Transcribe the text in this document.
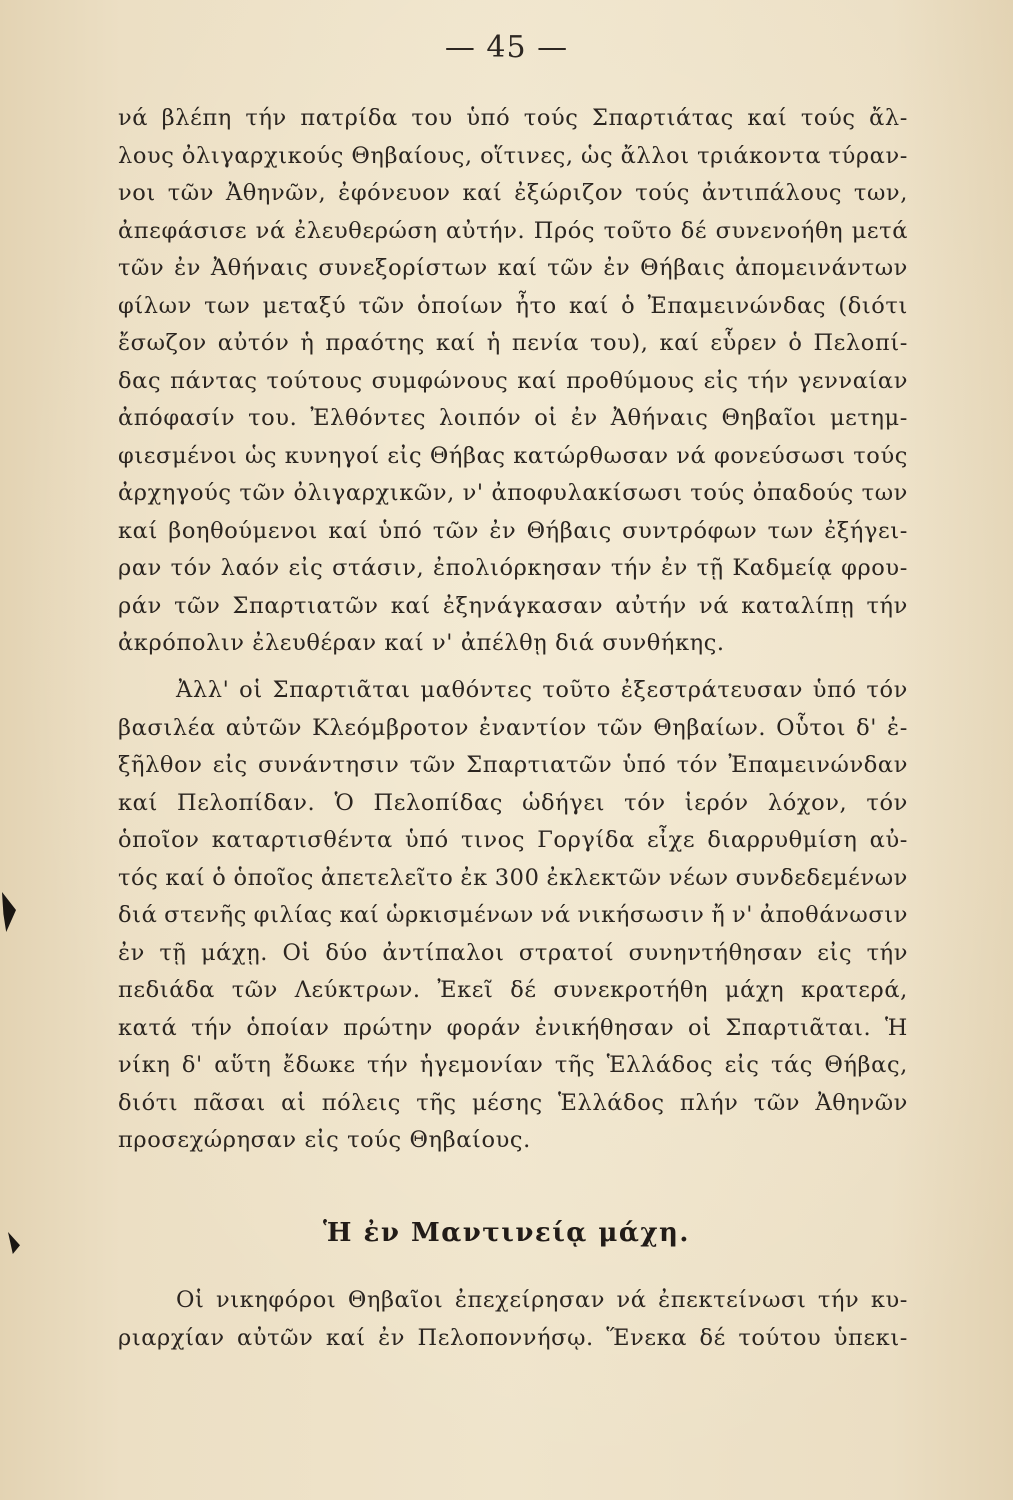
— 45 —
νά βλέπη τήν πατρίδα του ὑπό τούς Σπαρτιάτας καί τούς ἄλ-
λους ὀλιγαρχικούς Θηβαίους, οἵτινες, ὡς ἄλλοι τριάκοντα τύραν-
νοι τῶν Ἀθηνῶν, ἐφόνευον καί ἐξώριζον τούς ἀντιπάλους των,
ἀπεφάσισε νά ἐλευθερώση αὐτήν. Πρός τοῦτο δέ συνενοήθη μετά
τῶν ἐν Ἀθήναις συνεξορίστων καί τῶν ἐν Θήβαις ἀπομεινάντων
φίλων των μεταξύ τῶν ὁποίων ἦτο καί ὁ Ἐπαμεινώνδας (διότι
ἔσωζον αὐτόν ἡ πραότης καί ἡ πενία του), καί εὗρεν ὁ Πελοπί-
δας πάντας τούτους συμφώνους καί προθύμους εἰς τήν γενναίαν
ἀπόφασίν του. Ἐλθόντες λοιπόν οἱ ἐν Ἀθήναις Θηβαῖοι μετημ-
φιεσμένοι ὡς κυνηγοί εἰς Θήβας κατώρθωσαν νά φονεύσωσι τούς
ἀρχηγούς τῶν ὀλιγαρχικῶν, ν' ἀποφυλακίσωσι τούς ὀπαδούς των
καί βοηθούμενοι καί ὑπό τῶν ἐν Θήβαις συντρόφων των ἐξήγει-
ραν τόν λαόν εἰς στάσιν, ἐπολιόρκησαν τήν ἐν τῇ Καδμείᾳ φρου-
ράν τῶν Σπαρτιατῶν καί ἐξηνάγκασαν αὐτήν νά καταλίπῃ τήν
ἀκρόπολιν ἐλευθέραν καί ν' ἀπέλθῃ διά συνθήκης.
Ἀλλ' οἱ Σπαρτιᾶται μαθόντες τοῦτο ἐξεστράτευσαν ὑπό τόν
βασιλέα αὐτῶν Κλεόμβροτον ἐναντίον τῶν Θηβαίων. Οὗτοι δ' ἐ-
ξῆλθον εἰς συνάντησιν τῶν Σπαρτιατῶν ὑπό τόν Ἐπαμεινώνδαν
καί Πελοπίδαν. Ὁ Πελοπίδας ὡδήγει τόν ἱερόν λόχον, τόν
ὁποῖον καταρτισθέντα ὑπό τινος Γοργίδα εἶχε διαρρυθμίση αὐ-
τός καί ὁ ὁποῖος ἀπετελεῖτο ἐκ 300 ἐκλεκτῶν νέων συνδεδεμένων
διά στενῆς φιλίας καί ὡρκισμένων νά νικήσωσιν ἤ ν' ἀποθάνωσιν
ἐν τῇ μάχῃ. Οἱ δύο ἀντίπαλοι στρατοί συνηντήθησαν εἰς τήν
πεδιάδα τῶν Λεύκτρων. Ἐκεῖ δέ συνεκροτήθη μάχη κρατερά,
κατά τήν ὁποίαν πρώτην φοράν ἐνικήθησαν οἱ Σπαρτιᾶται. Ἡ
νίκη δ' αὕτη ἔδωκε τήν ἡγεμονίαν τῆς Ἑλλάδος εἰς τάς Θήβας,
διότι πᾶσαι αἱ πόλεις τῆς μέσης Ἑλλάδος πλήν τῶν Ἀθηνῶν
προσεχώρησαν εἰς τούς Θηβαίους.
Ἡ ἐν Μαντινείᾳ μάχη.
Οἱ νικηφόροι Θηβαῖοι ἐπεχείρησαν νά ἐπεκτείνωσι τήν κυ-
ριαρχίαν αὐτῶν καί ἐν Πελοποννήσῳ. Ἕνεκα δέ τούτου ὑπεκι-
